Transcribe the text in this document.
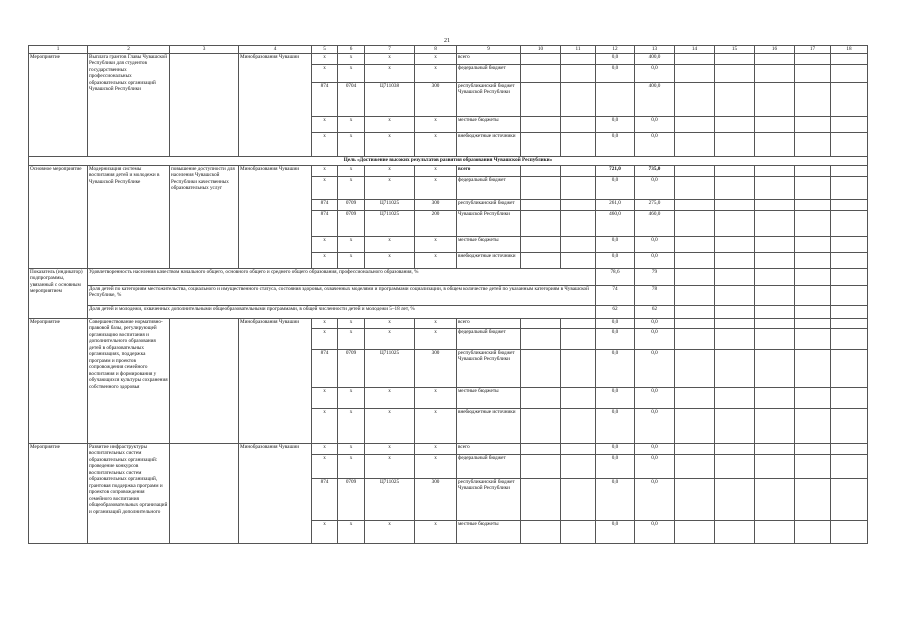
21
1	2	3	4	5	6	7	8	9	10	11	12	13	14	15	16	17	18
Мероприятие	Выплата грантов Главы Чувашской Республики для студентов государственных профессиональных образовательных организаций Чувашской Республики		Минобразования Чувашии	х	х	х	х	всего			0,0	400,0					
				х	х	х	х	федеральный бюджет			0,0	0,0					
				874	0704	Ц711038	300	республиканский бюджет Чувашской Республики				400,0					
				х	х	х	х	местные бюджеты			0,0	0,0					
				х	х	х	х	внебюджетные источники			0,0	0,0					
Цель «Достижение высоких результатов развития образования Чувашской Республики»																	
Основное мероприятие	Модернизация системы воспитания детей и молодежи в Чувашской Республике	повышение доступности для населения Чувашской Республики качественных образовательных услуг	Минобразования Чувашии	х	х	х	х	всего			721,0	735,0					
				х	х	х	х	федеральный бюджет			0,0	0,0					
				874	0709	Ц711025	300	республиканский бюджет			261,0	275,0					
				874	0709	Ц711025	200	Чувашской Республики			460,0	460,0					
				х	х	х	х	местные бюджеты			0,0	0,0					
				х	х	х	х	внебюджетные источники			0,0	0,0					
Показатель (индикатор) подпрограммы, увязанный с основным мероприятием	Удовлетворенность населения качеством начального общего, основного общего и среднего общего образования, профессионального образования, %										78,6	79					
	Доля детей по категориям местожительства, социального и имущественного статуса, состояния здоровья, охваченных моделями и программами социализации, в общем количестве детей по указанным категориям в Чувашской Республике, %										74	78					
	Доля детей и молодежи, охваченных дополнительными общеобразовательными программами, в общей численности детей и молодежи 5–18 лет, %										62	62					
Мероприятие	Совершенствование нормативно-правовой базы, регулирующей организацию воспитания и дополнительного образования детей в образовательных организациях, поддержка программ и проектов сопровождения семейного воспитания и формирования у обучающихся культуры сохранения собственного здоровья		Минобразования Чувашии	х	х	х	х	всего			0,0	0,0					
				х	х	х	х	федеральный бюджет			0,0	0,0					
				874	0709	Ц711025	300	республиканский бюджет Чувашской Республики			0,0	0,0					
				х	х	х	х	местные бюджеты			0,0	0,0					
				х	х	х	х	внебюджетные источники			0,0	0,0					
Мероприятие	Развитие инфраструктуры воспитательных систем образовательных организаций: проведение конкурсов воспитательных систем образовательных организаций, грантовая поддержка программ и проектов сопровождения семейного воспитания общеобразовательных организаций и организаций дополнительного		Минобразования Чувашии	х	х	х	х	всего			0,0	0,0					
				х	х	х	х	федеральный бюджет			0,0	0,0					
				874	0709	Ц711025	300	республиканский бюджет Чувашской Республики			0,0	0,0					
				х	х	х	х	местные бюджеты			0,0	0,0					
